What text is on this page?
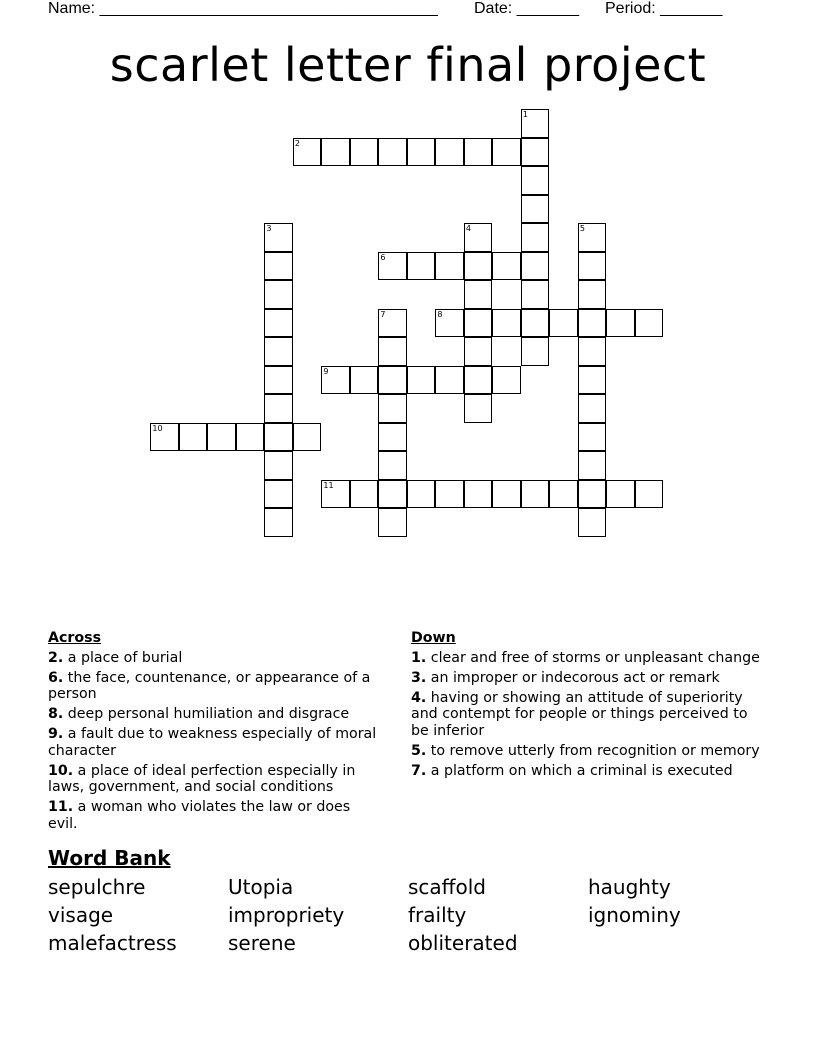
Name: ______________________________________ Date: _______ Period: _______
scarlet letter final project
1
2
3	4	5
6
7	8
9
10
11
Across
2. a place of burial
6. the face, countenance, or appearance of a person
8. deep personal humiliation and disgrace
9. a fault due to weakness especially of moral character
10. a place of ideal perfection especially in laws, government, and social conditions
11. a woman who violates the law or does evil.
Down
1. clear and free of storms or unpleasant change
3. an improper or indecorous act or remark
4. having or showing an attitude of superiority and contempt for people or things perceived to be inferior
5. to remove utterly from recognition or memory
7. a platform on which a criminal is executed
Word Bank
sepulchre	Utopia	scaffold	haughty
visage	impropriety	frailty	ignominy
malefactress	serene	obliterated
